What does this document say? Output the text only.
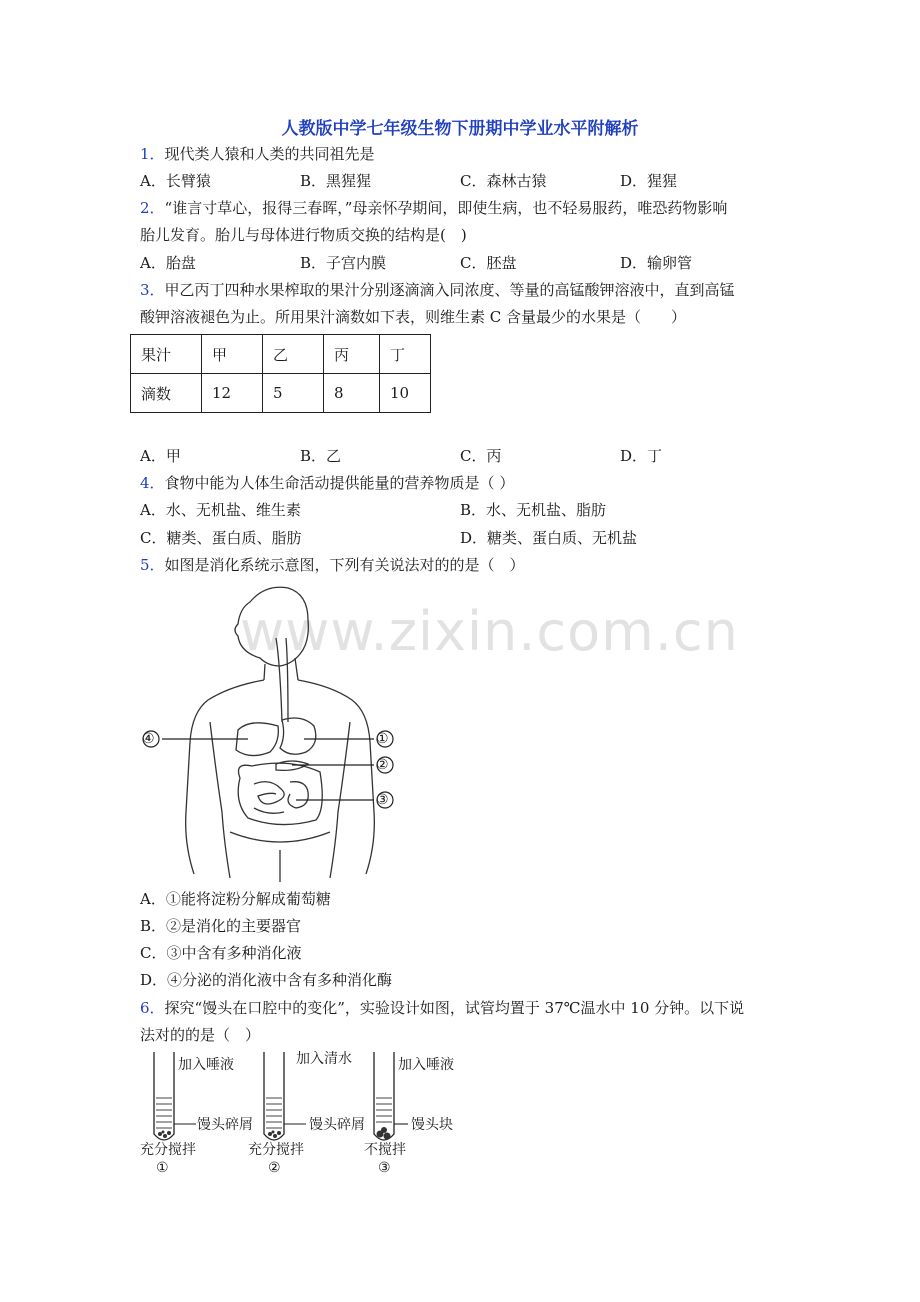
人教版中学七年级生物下册期中学业水平附解析
www.zixin.com.cn
1．现代类人猿和人类的共同祖先是
A．长臂猿	B．黑猩猩	C．森林古猿	D．猩猩
2．“谁言寸草心，报得三春晖，”母亲怀孕期间，即使生病，也不轻易服药，唯恐药物影响
胎儿发育。胎儿与母体进行物质交换的结构是(　)
A．胎盘	B．子宫内膜	C．胚盘	D．输卵管
3．甲乙丙丁四种水果榨取的果汁分别逐滴滴入同浓度、等量的高锰酸钾溶液中，直到高锰
酸钾溶液褪色为止。所用果汁滴数如下表，则维生素 C 含量最少的水果是（　　）
果汁	甲	乙	丙	丁
滴数	12	5	8	10
A．甲	B．乙	C．丙	D．丁
4．食物中能为人体生命活动提供能量的营养物质是（ ）
A．水、无机盐、维生素	B．水、无机盐、脂肪
C．糖类、蛋白质、脂肪	D．糖类、蛋白质、无机盐
5．如图是消化系统示意图，下列有关说法对的的是（　）
④	①
②
③
A．①能将淀粉分解成葡萄糖
B．②是消化的主要器官
C．③中含有多种消化液
D．④分泌的消化液中含有多种消化酶
6．探究“馒头在口腔中的变化”，实验设计如图，试管均置于 37℃温水中 10 分钟。以下说
法对的的是（　）
加入唾液
馒头碎屑
充分搅拌
①
加入清水
馒头碎屑
充分搅拌
②
加入唾液
馒头块
不搅拌
③
